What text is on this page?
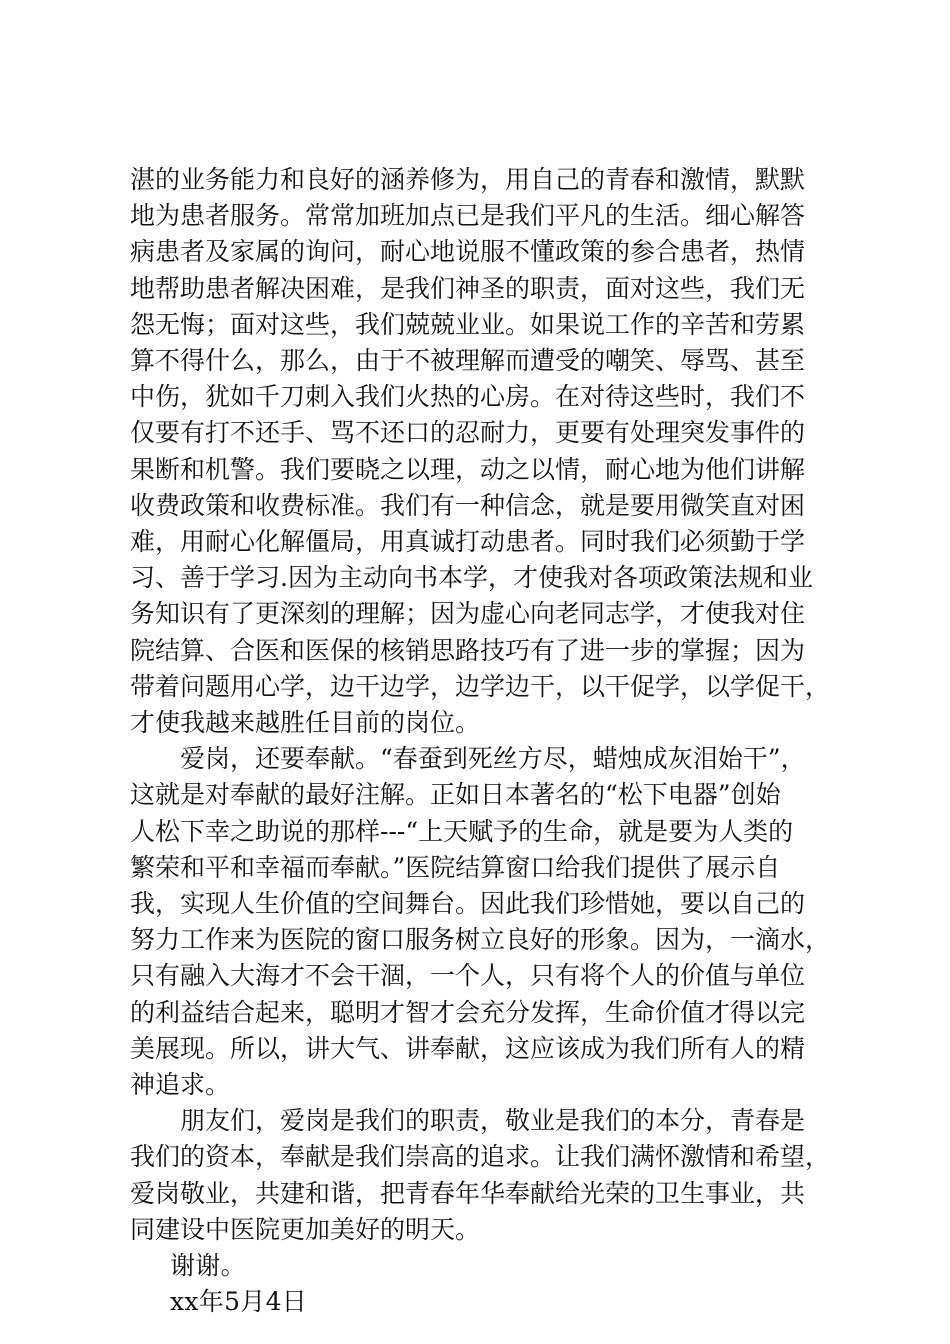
湛的业务能力和良好的涵养修为，用自己的青春和激情，默默
地为患者服务。常常加班加点已是我们平凡的生活。细心解答
病患者及家属的询问，耐心地说服不懂政策的参合患者，热情
地帮助患者解决困难，是我们神圣的职责，面对这些，我们无
怨无悔；面对这些，我们兢兢业业。如果说工作的辛苦和劳累
算不得什么，那么，由于不被理解而遭受的嘲笑、辱骂、甚至
中伤，犹如千刀刺入我们火热的心房。在对待这些时，我们不
仅要有打不还手、骂不还口的忍耐力，更要有处理突发事件的
果断和机警。我们要晓之以理，动之以情，耐心地为他们讲解
收费政策和收费标准。我们有一种信念，就是要用微笑直对困
难，用耐心化解僵局，用真诚打动患者。同时我们必须勤于学
习、善于学习.因为主动向书本学，才使我对各项政策法规和业
务知识有了更深刻的理解；因为虚心向老同志学，才使我对住
院结算、合医和医保的核销思路技巧有了进一步的掌握；因为
带着问题用心学，边干边学，边学边干，以干促学，以学促干，
才使我越来越胜任目前的岗位。
爱岗，还要奉献。“春蚕到死丝方尽，蜡烛成灰泪始干”，
这就是对奉献的最好注解。正如日本著名的“松下电器”创始
人松下幸之助说的那样---“上天赋予的生命，就是要为人类的
繁荣和平和幸福而奉献。”医院结算窗口给我们提供了展示自
我，实现人生价值的空间舞台。因此我们珍惜她，要以自己的
努力工作来为医院的窗口服务树立良好的形象。因为，一滴水，
只有融入大海才不会干涸，一个人，只有将个人的价值与单位
的利益结合起来，聪明才智才会充分发挥，生命价值才得以完
美展现。所以，讲大气、讲奉献，这应该成为我们所有人的精
神追求。
朋友们，爱岗是我们的职责，敬业是我们的本分，青春是
我们的资本，奉献是我们崇高的追求。让我们满怀激情和希望，
爱岗敬业，共建和谐，把青春年华奉献给光荣的卫生事业，共
同建设中医院更加美好的明天。

谢谢。

xx年5月4日
